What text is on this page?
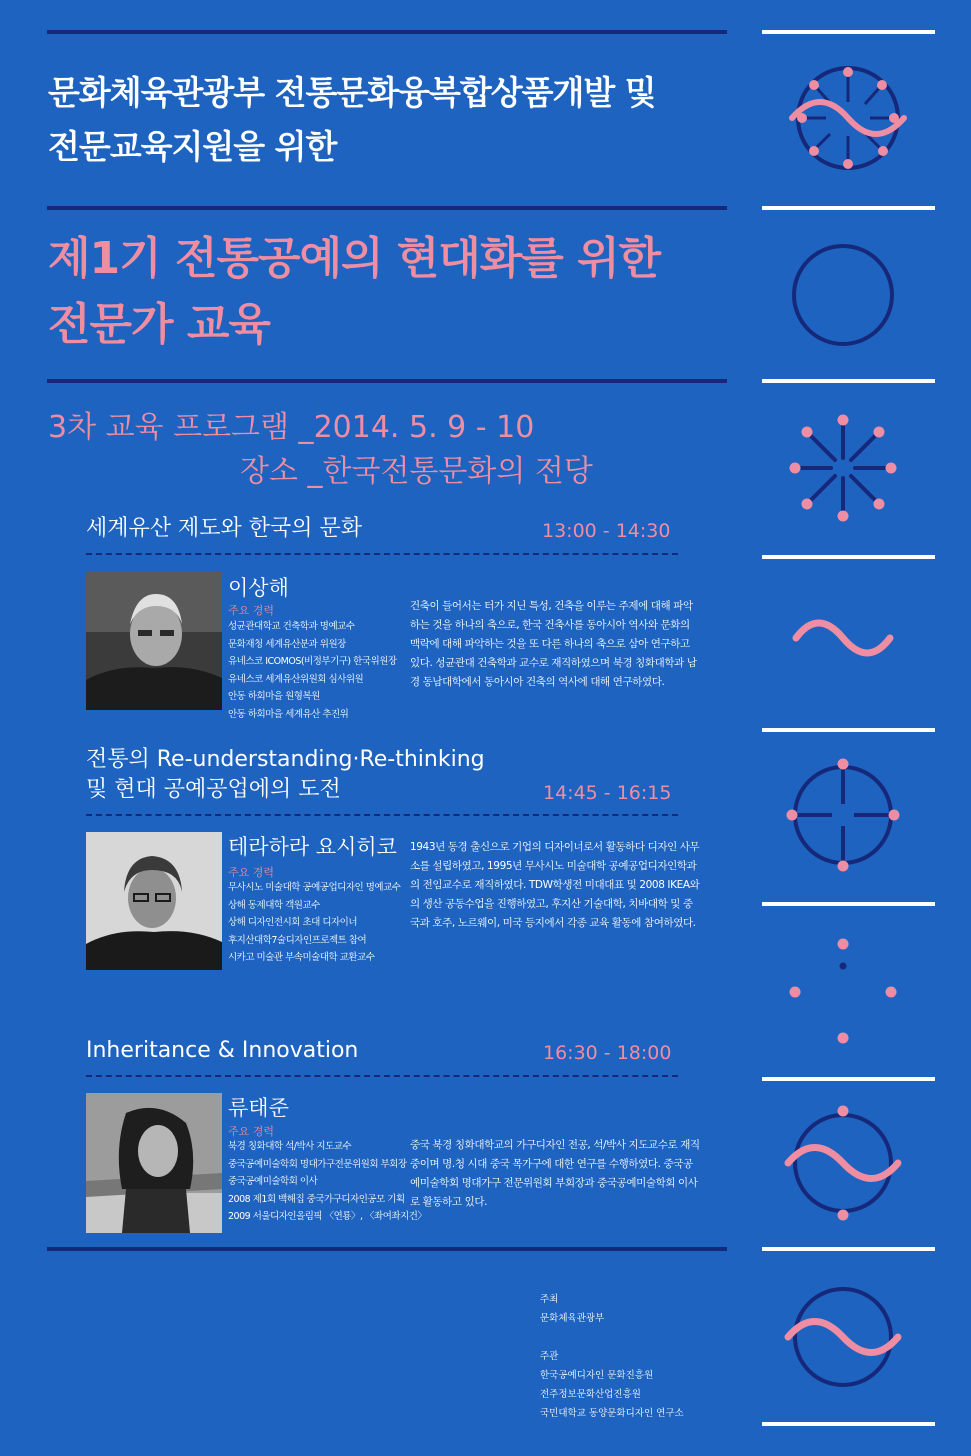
문화체육관광부 전통문화융복합상품개발 및
전문교육지원을 위한
제1기 전통공예의 현대화를 위한
전문가 교육
3차 교육 프로그램 _2014. 5. 9 - 10
장소 _한국전통문화의 전당
세계유산 제도와 한국의 문화	13:00 - 14:30
이상해
주요 경력
성균관대학교 건축학과 명예교수
문화재청 세계유산분과 위원장
유네스코 ICOMOS(비정부기구) 한국위원장
유네스코 세계유산위원회 심사위원
안동 하회마을 원형복원
안동 하회마을 세계유산 추진위
건축이 들어서는 터가 지닌 특성, 건축을 이루는 주제에 대해 파악하는 것을 하나의 축으로, 한국 건축사를 동아시아 역사와 문화의 맥락에 대해 파악하는 것을 또 다른 하나의 축으로 삼아 연구하고 있다. 성균관대 건축학과 교수로 재직하였으며 북경 칭화대학과 남경 동남대학에서 동아시아 건축의 역사에 대해 연구하였다.
전통의 Re-understanding·Re-thinking
및 현대 공예공업에의 도전	14:45 - 16:15
테라하라 요시히코
주요 경력
무사시노 미술대학 공예공업디자인 명예교수
상해 동제대학 객원교수
상해 디자인전시회 초대 디자이너
후지산대학7술디자인프로젝트 참여
시카고 미술관 부속미술대학 교환교수
1943년 동경 출신으로 기업의 디자이너로서 활동하다 디자인 사무소를 설립하였고, 1995년 무사시노 미술대학 공예공업디자인학과의 전임교수로 재직하였다. TDW학생전 미대대표 및 2008 IKEA와의 생산 공동수업을 진행하였고, 후지산 기술대학, 치바대학 및 중국과 호주, 노르웨이, 미국 등지에서 각종 교육 활동에 참여하였다.
Inheritance & Innovation	16:30 - 18:00
류태준
주요 경력
북경 칭화대학 석/박사 지도교수
중국공예미술학회 명대가구전문위원회 부회장
중국공예미술학회 이사
2008 제1회 백해집 중국가구디자인공모 기획
2009 서울디자인올림픽 〈연룡〉, 〈좌여좌지건〉
중국 북경 칭화대학교의 가구디자인 전공, 석/박사 지도교수로 재직중이며 명.청 시대 중국 목가구에 대한 연구를 수행하였다. 중국공예미술학회 명대가구 전문위원회 부회장과 중국공예미술학회 이사로 활동하고 있다.
주최
문화체육관광부
주관
한국공예디자인 문화진흥원
전주정보문화산업진흥원
국민대학교 동양문화디자인 연구소
